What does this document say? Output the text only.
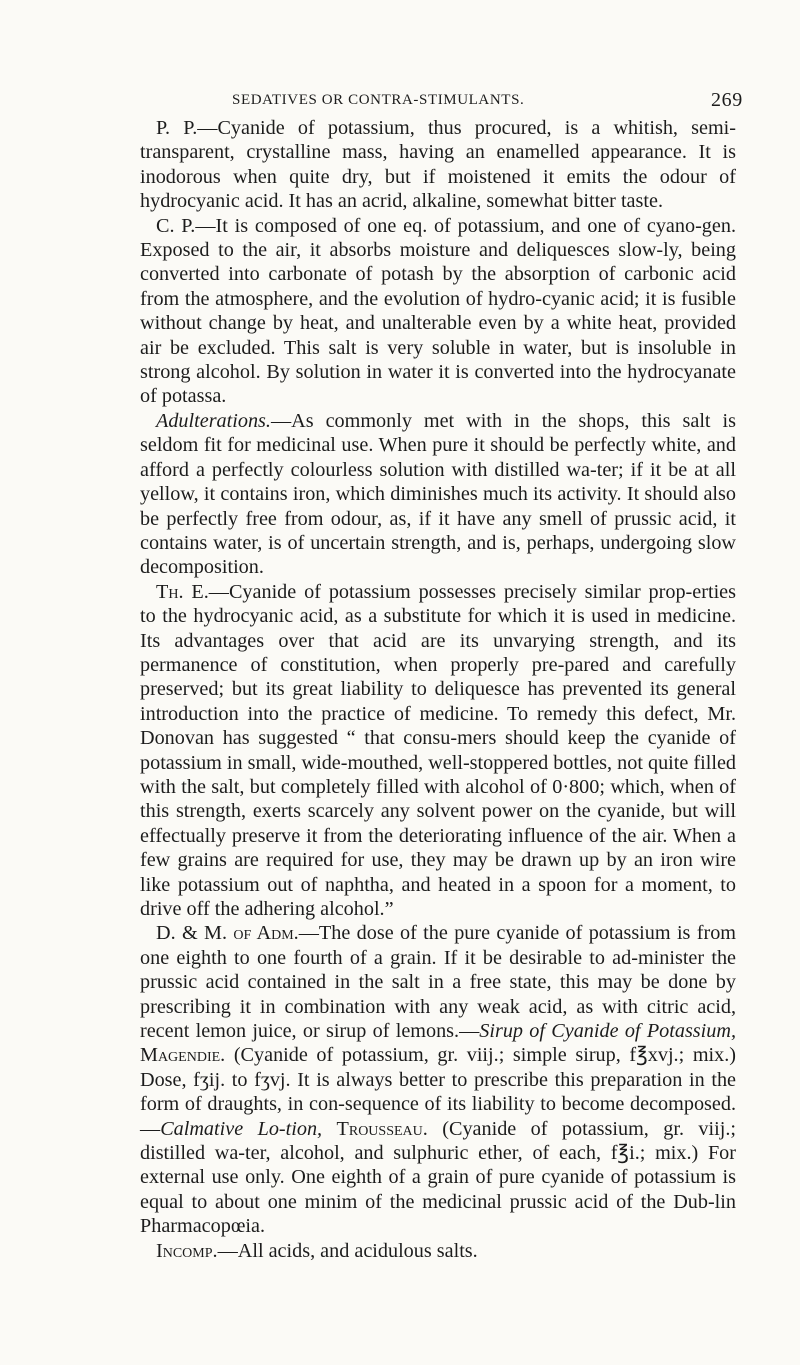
SEDATIVES OR CONTRA-STIMULANTS.	269

P. P.—Cyanide of potassium, thus procured, is a whitish, semi-transparent, crystalline mass, having an enamelled appearance. It is inodorous when quite dry, but if moistened it emits the odour of hydrocyanic acid. It has an acrid, alkaline, somewhat bitter taste.

C. P.—It is composed of one eq. of potassium, and one of cyano-gen. Exposed to the air, it absorbs moisture and deliquesces slow-ly, being converted into carbonate of potash by the absorption of carbonic acid from the atmosphere, and the evolution of hydro-cyanic acid; it is fusible without change by heat, and unalterable even by a white heat, provided air be excluded. This salt is very soluble in water, but is insoluble in strong alcohol. By solution in water it is converted into the hydrocyanate of potassa.

Adulterations.—As commonly met with in the shops, this salt is seldom fit for medicinal use. When pure it should be perfectly white, and afford a perfectly colourless solution with distilled wa-ter; if it be at all yellow, it contains iron, which diminishes much its activity. It should also be perfectly free from odour, as, if it have any smell of prussic acid, it contains water, is of uncertain strength, and is, perhaps, undergoing slow decomposition.

Th. E.—Cyanide of potassium possesses precisely similar prop-erties to the hydrocyanic acid, as a substitute for which it is used in medicine. Its advantages over that acid are its unvarying strength, and its permanence of constitution, when properly pre-pared and carefully preserved; but its great liability to deliquesce has prevented its general introduction into the practice of medicine. To remedy this defect, Mr. Donovan has suggested “ that consu-mers should keep the cyanide of potassium in small, wide-mouthed, well-stoppered bottles, not quite filled with the salt, but completely filled with alcohol of 0·800; which, when of this strength, exerts scarcely any solvent power on the cyanide, but will effectually preserve it from the deteriorating influence of the air. When a few grains are required for use, they may be drawn up by an iron wire like potassium out of naphtha, and heated in a spoon for a moment, to drive off the adhering alcohol.”

D. & M. of Adm.—The dose of the pure cyanide of potassium is from one eighth to one fourth of a grain. If it be desirable to ad-minister the prussic acid contained in the salt in a free state, this may be done by prescribing it in combination with any weak acid, as with citric acid, recent lemon juice, or sirup of lemons.—Sirup of Cyanide of Potassium, Magendie. (Cyanide of potassium, gr. viij.; simple sirup, f℥xvj.; mix.) Dose, fʒij. to fʒvj. It is always better to prescribe this preparation in the form of draughts, in con-sequence of its liability to become decomposed.—Calmative Lo-tion, Trousseau. (Cyanide of potassium, gr. viij.; distilled wa-ter, alcohol, and sulphuric ether, of each, f℥i.; mix.) For external use only. One eighth of a grain of pure cyanide of potassium is equal to about one minim of the medicinal prussic acid of the Dub-lin Pharmacopœia.

Incomp.—All acids, and acidulous salts.
